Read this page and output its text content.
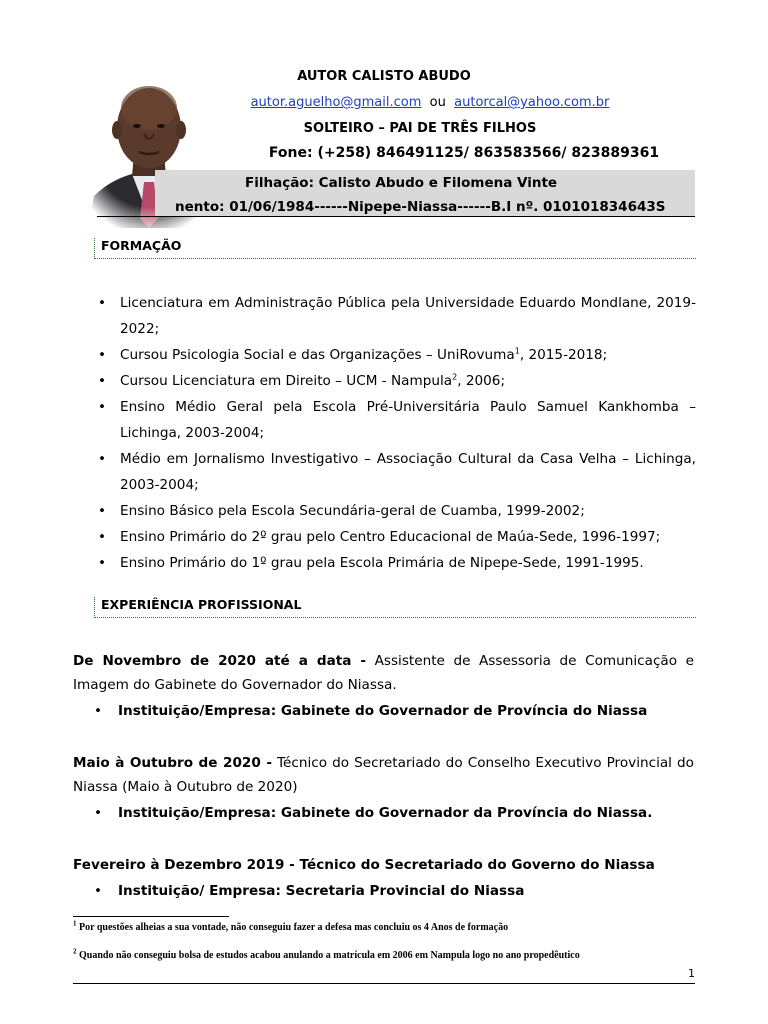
AUTOR CALISTO ABUDO
autor.aguelho@gmail.com ou autorcal@yahoo.com.br
SOLTEIRO – PAI DE TRÊS FILHOS
Fone: (+258) 846491125/ 863583566/ 823889361
Filhação: Calisto Abudo e Filomena Vinte
nento: 01/06/1984------Nipepe-Niassa------B.I nº. 010101834643S
FORMAÇÃO
• Licenciatura em Administração Pública pela Universidade Eduardo Mondlane, 2019-2022;
• Cursou Psicologia Social e das Organizações – UniRovuma$^1$, 2015-2018;
• Cursou Licenciatura em Direito – UCM - Nampula$^2$, 2006;
• Ensino Médio Geral pela Escola Pré-Universitária Paulo Samuel Kankhomba – Lichinga, 2003-2004;
• Médio em Jornalismo Investigativo – Associação Cultural da Casa Velha – Lichinga, 2003-2004;
• Ensino Básico pela Escola Secundária-geral de Cuamba, 1999-2002;
• Ensino Primário do 2º grau pelo Centro Educacional de Maúa-Sede, 1996-1997;
• Ensino Primário do 1º grau pela Escola Primária de Nipepe-Sede, 1991-1995.
EXPERIÊNCIA PROFISSIONAL
De Novembro de 2020 até a data - Assistente de Assessoria de Comunicação e Imagem do Gabinete do Governador do Niassa.
• Instituição/Empresa: Gabinete do Governador de Província do Niassa
Maio à Outubro de 2020 - Técnico do Secretariado do Conselho Executivo Provincial do Niassa (Maio à Outubro de 2020)
• Instituição/Empresa: Gabinete do Governador da Província do Niassa.
Fevereiro à Dezembro 2019 - Técnico do Secretariado do Governo do Niassa
• Instituição/ Empresa: Secretaria Provincial do Niassa
$^1$ Por questões alheias a sua vontade, não conseguiu fazer a defesa mas concluiu os 4 Anos de formação
$^2$ Quando não conseguiu bolsa de estudos acabou anulando a matrícula em 2006 em Nampula logo no ano propedêutico
1
